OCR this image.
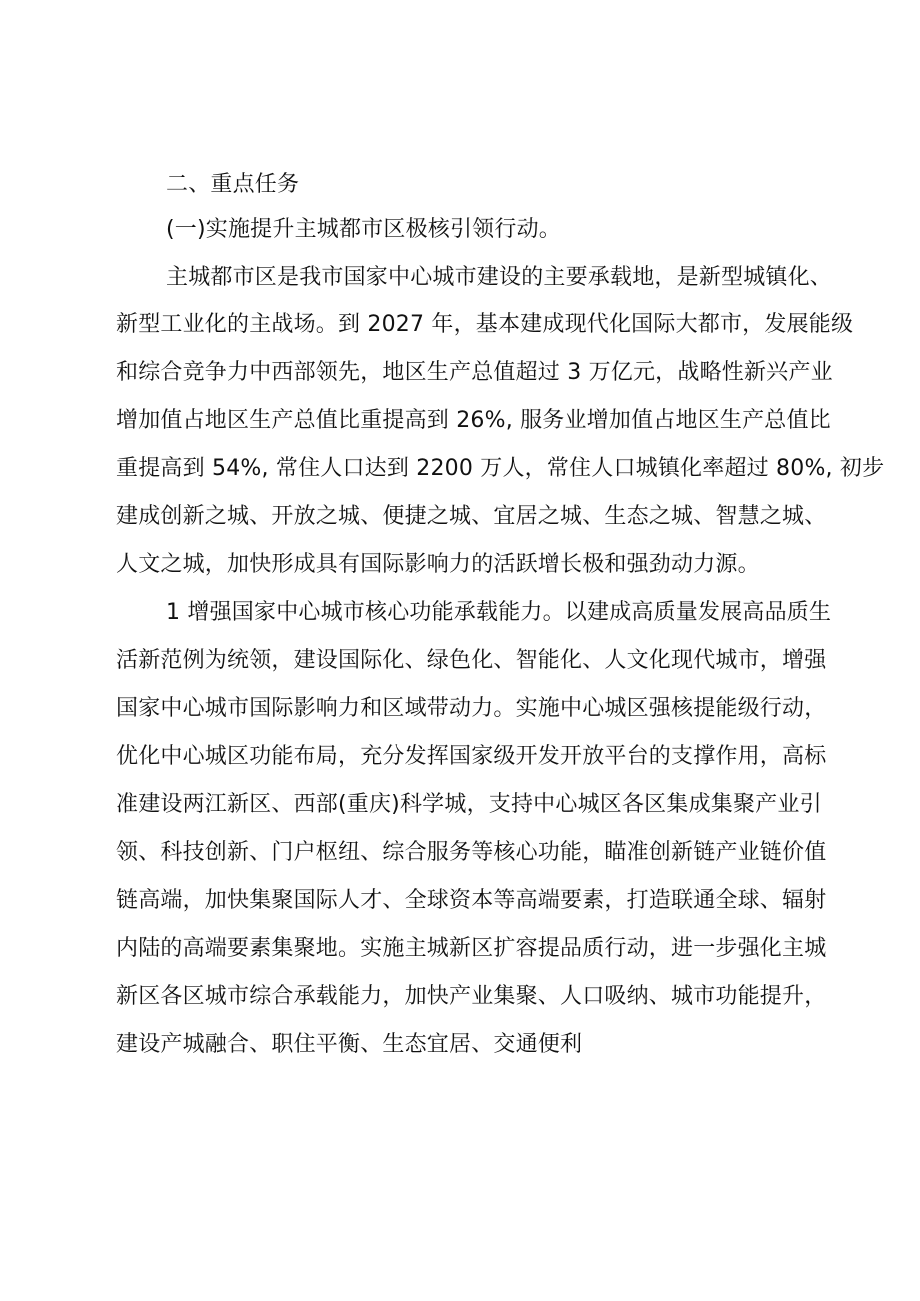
二、重点任务
(一)实施提升主城都市区极核引领行动。
主城都市区是我市国家中心城市建设的主要承载地，是新型城镇化、
新型工业化的主战场。到 2027 年，基本建成现代化国际大都市，发展能级
和综合竞争力中西部领先，地区生产总值超过 3 万亿元，战略性新兴产业
增加值占地区生产总值比重提高到 26%, 服务业增加值占地区生产总值比
重提高到 54%, 常住人口达到 2200 万人，常住人口城镇化率超过 80%, 初步
建成创新之城、开放之城、便捷之城、宜居之城、生态之城、智慧之城、
人文之城，加快形成具有国际影响力的活跃增长极和强劲动力源。
1 增强国家中心城市核心功能承载能力。以建成高质量发展高品质生
活新范例为统领，建设国际化、绿色化、智能化、人文化现代城市，增强
国家中心城市国际影响力和区域带动力。实施中心城区强核提能级行动，
优化中心城区功能布局，充分发挥国家级开发开放平台的支撑作用，高标
准建设两江新区、西部(重庆)科学城，支持中心城区各区集成集聚产业引
领、科技创新、门户枢纽、综合服务等核心功能，瞄准创新链产业链价值
链高端，加快集聚国际人才、全球资本等高端要素，打造联通全球、辐射
内陆的高端要素集聚地。实施主城新区扩容提品质行动，进一步强化主城
新区各区城市综合承载能力，加快产业集聚、人口吸纳、城市功能提升，
建设产城融合、职住平衡、生态宜居、交通便利
